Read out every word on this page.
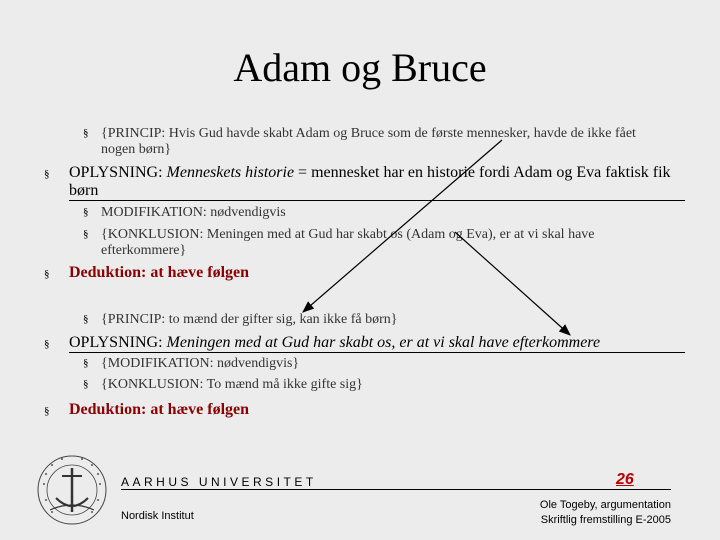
Adam og Bruce
§ {PRINCIP: Hvis Gud havde skabt Adam og Bruce som de første mennesker, havde de ikke fået nogen børn}
§ OPLYSNING: Menneskets historie = mennesket har en historie fordi Adam og Eva faktisk fik børn
§ MODIFIKATION: nødvendigvis
§ {KONKLUSION: Meningen med at Gud har skabt os (Adam og Eva), er at vi skal have efterkommere}
§ Deduktion: at hæve følgen
§ {PRINCIP: to mænd der gifter sig, kan ikke få børn}
§ OPLYSNING: Meningen med at Gud har skabt os, er at vi skal have efterkommere
§ {MODIFIKATION: nødvendigvis}
§ {KONKLUSION: To mænd må ikke gifte sig}
§ Deduktion: at hæve følgen
AARHUS UNIVERSITET
Nordisk Institut
26
Ole Togeby, argumentation
Skriftlig fremstilling E-2005
